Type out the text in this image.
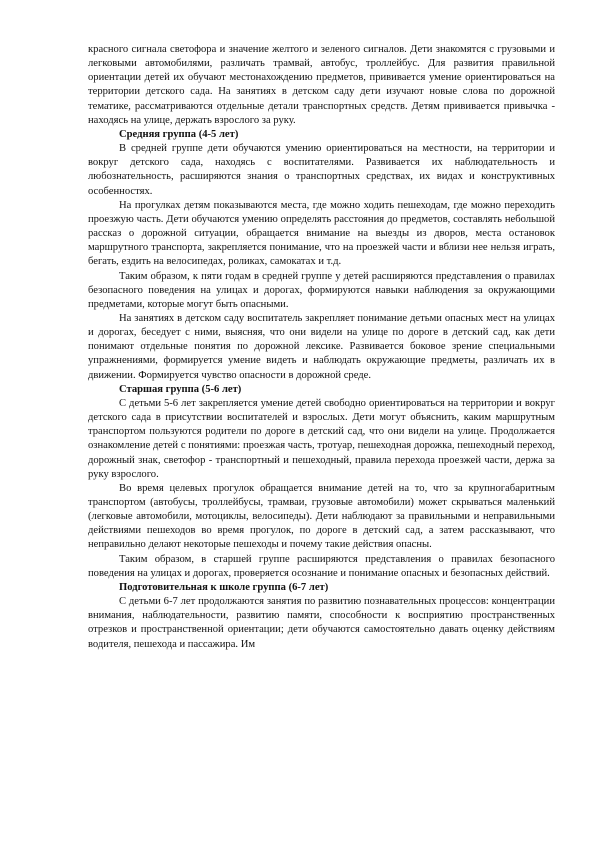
красного сигнала светофора и значение желтого и зеленого сигналов. Дети знакомятся с грузовыми и легковыми автомобилями, различать трамвай, автобус, троллейбус. Для развития правильной ориентации детей их обучают местонахождению предметов, прививается умение ориентироваться на территории детского сада. На занятиях в детском саду дети изучают новые слова по дорожной тематике, рассматриваются отдельные детали транспортных средств. Детям прививается привычка - находясь на улице, держать взрослого за руку.

Средняя группа (4-5 лет)

В средней группе дети обучаются умению ориентироваться на местности, на территории и вокруг детского сада, находясь с воспитателями. Развивается их наблюдательность и любознательность, расширяются знания о транспортных средствах, их видах и конструктивных особенностях.

На прогулках детям показываются места, где можно ходить пешеходам, где можно переходить проезжую часть. Дети обучаются умению определять расстояния до предметов, составлять небольшой рассказ о дорожной ситуации, обращается внимание на выезды из дворов, места остановок маршрутного транспорта, закрепляется понимание, что на проезжей части и вблизи нее нельзя играть, бегать, ездить на велосипедах, роликах, самокатах и т.д.

Таким образом, к пяти годам в средней группе у детей расширяются представления о правилах безопасного поведения на улицах и дорогах, формируются навыки наблюдения за окружающими предметами, которые могут быть опасными.

На занятиях в детском саду воспитатель закрепляет понимание детьми опасных мест на улицах и дорогах, беседует с ними, выясняя, что они видели на улице по дороге в детский сад, как дети понимают отдельные понятия по дорожной лексике. Развивается боковое зрение специальными упражнениями, формируется умение видеть и наблюдать окружающие предметы, различать их в движении. Формируется чувство опасности в дорожной среде.

Старшая группа (5-6 лет)

С детьми 5-6 лет закрепляется умение детей свободно ориентироваться на территории и вокруг детского сада в присутствии воспитателей и взрослых. Дети могут объяснить, каким маршрутным транспортом пользуются родители по дороге в детский сад, что они видели на улице. Продолжается ознакомление детей с понятиями: проезжая часть, тротуар, пешеходная дорожка, пешеходный переход, дорожный знак, светофор - транспортный и пешеходный, правила перехода проезжей части, держа за руку взрослого.

Во время целевых прогулок обращается внимание детей на то, что за крупногабаритным транспортом (автобусы, троллейбусы, трамваи, грузовые автомобили) может скрываться маленький (легковые автомобили, мотоциклы, велосипеды). Дети наблюдают за правильными и неправильными действиями пешеходов во время прогулок, по дороге в детский сад, а затем рассказывают, что неправильно делают некоторые пешеходы и почему такие действия опасны.

Таким образом, в старшей группе расширяются представления о правилах безопасного поведения на улицах и дорогах, проверяется осознание и понимание опасных и безопасных действий.

Подготовительная к школе группа (6-7 лет)

С детьми 6-7 лет продолжаются занятия по развитию познавательных процессов: концентрации внимания, наблюдательности, развитию памяти, способности к восприятию пространственных отрезков и пространственной ориентации; дети обучаются самостоятельно давать оценку действиям водителя, пешехода и пассажира. Им
